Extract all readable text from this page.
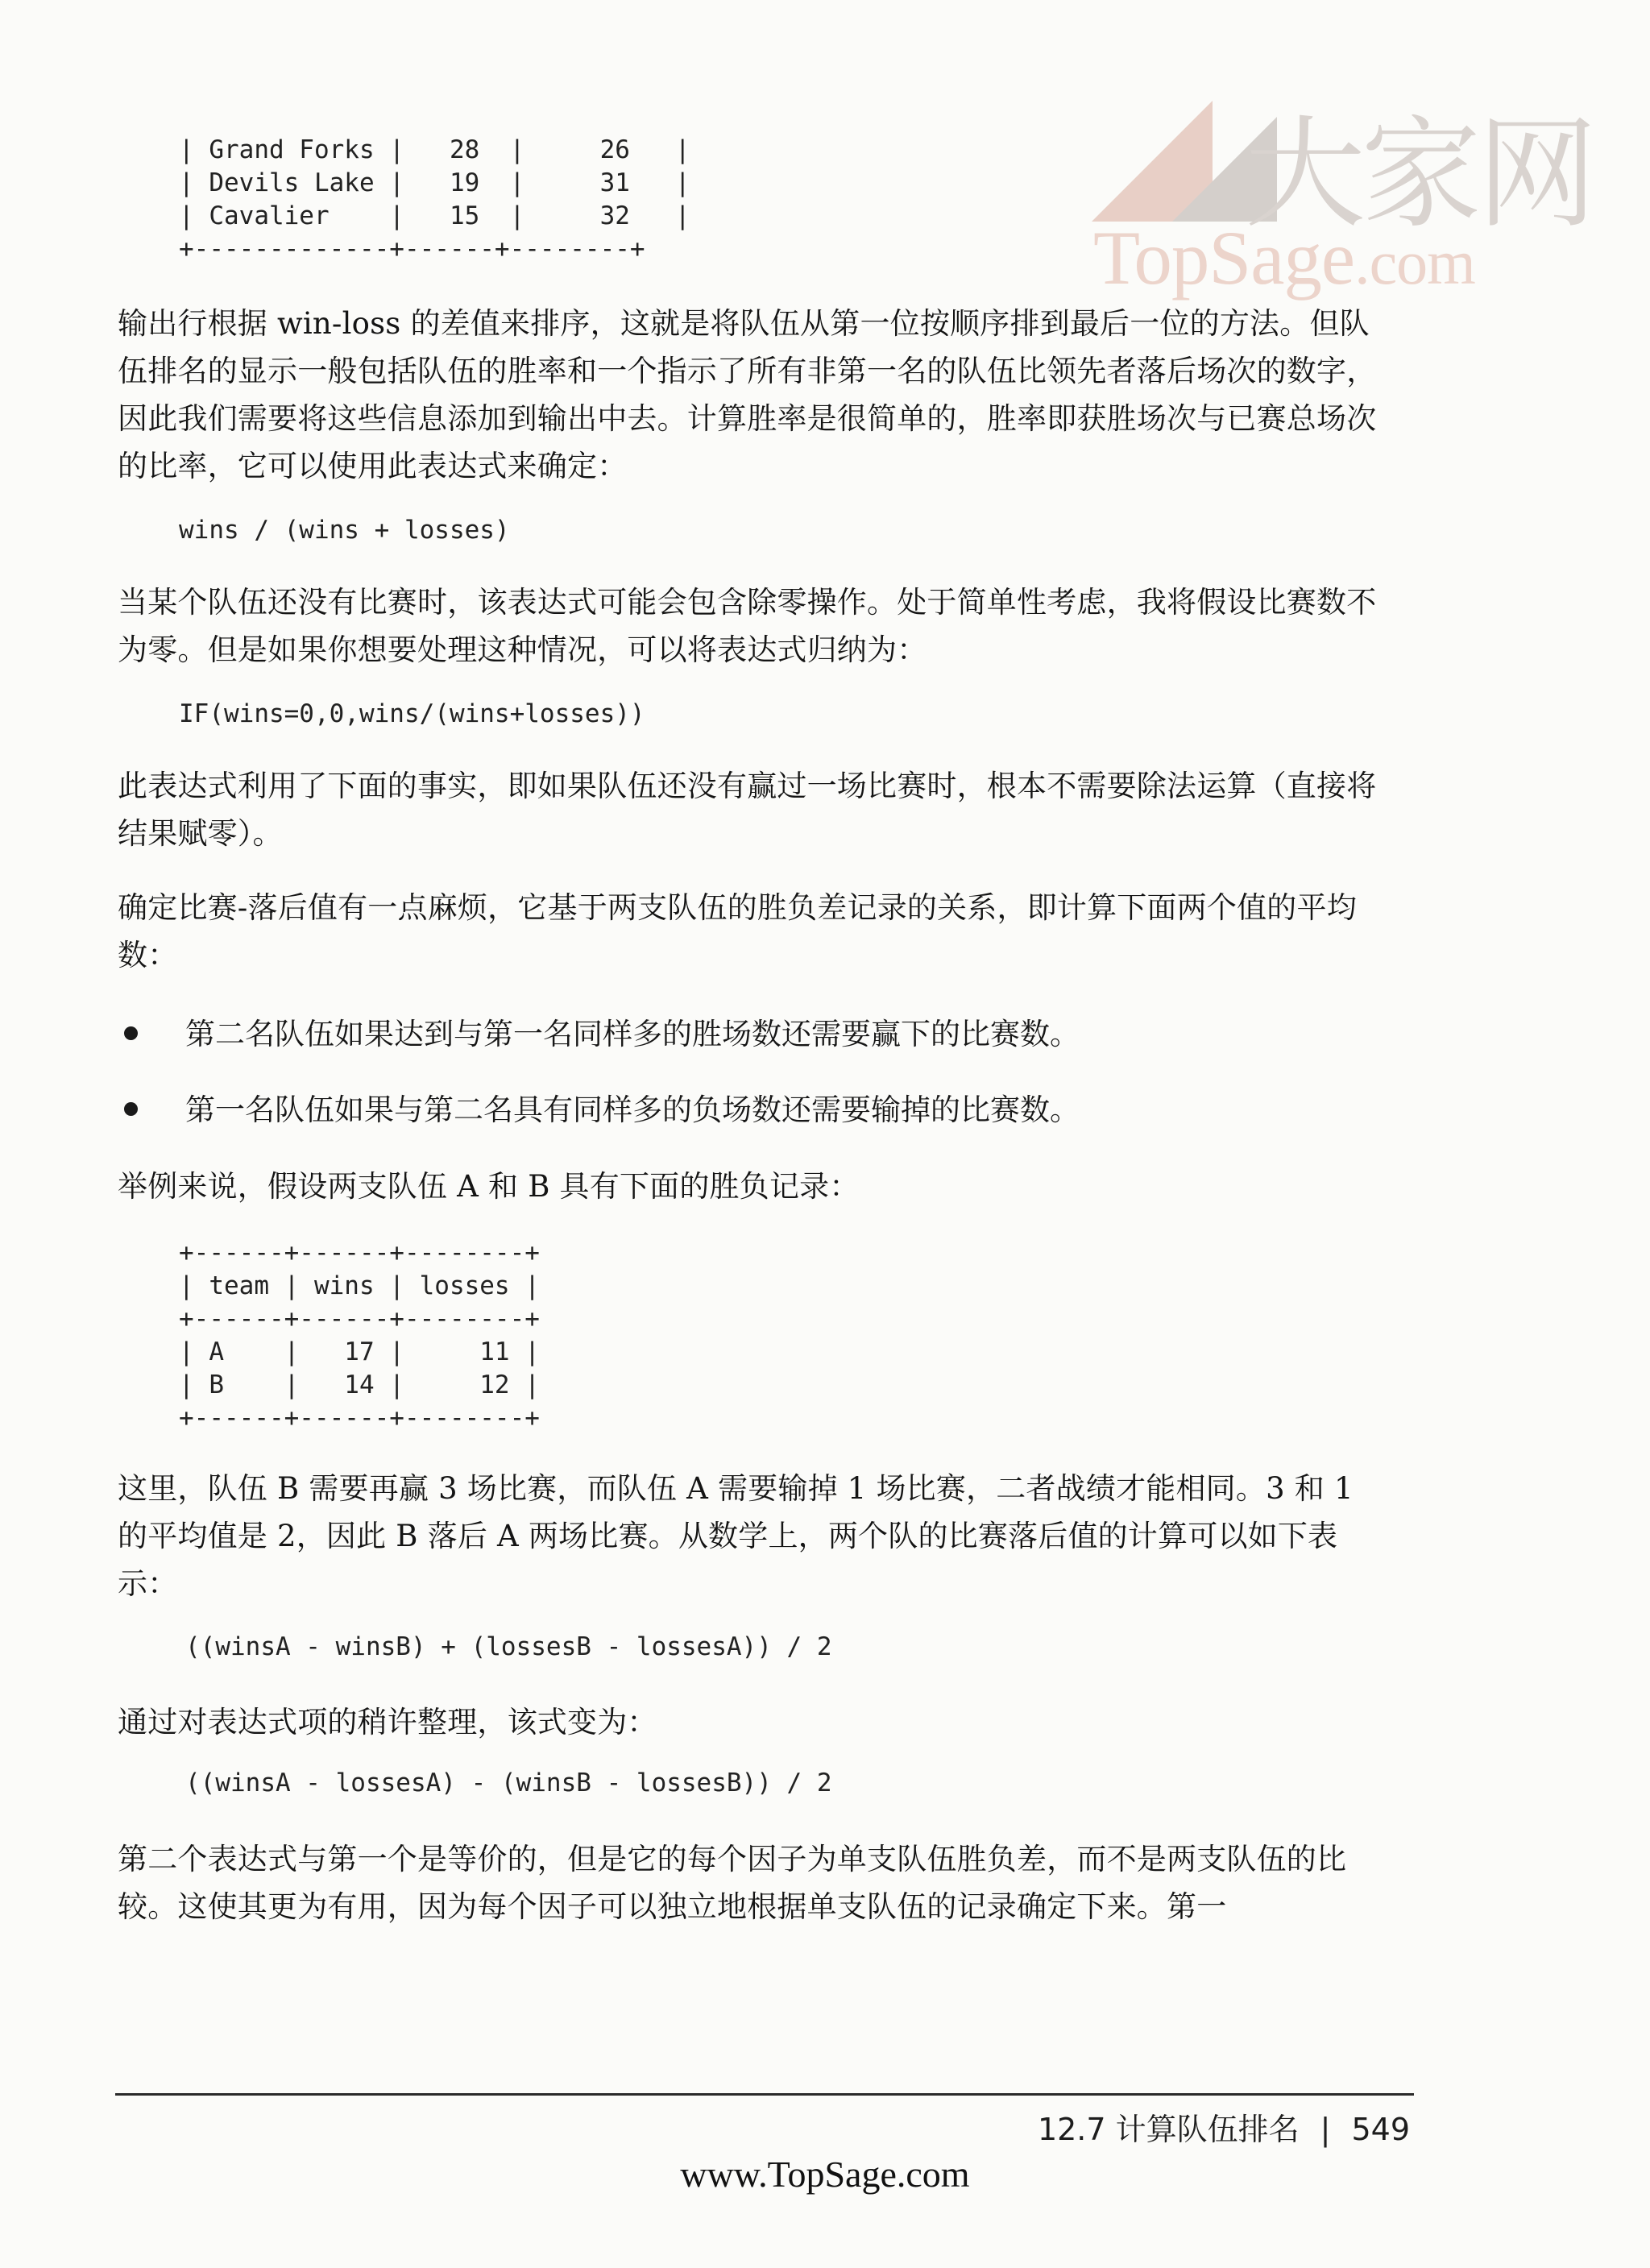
大家网
TopSage.com
| Grand Forks |   28  |     26   |
| Devils Lake |   19  |     31   |
| Cavalier    |   15  |     32   |
+-------------+------+--------+
输出行根据 win-loss 的差值来排序，这就是将队伍从第一位按顺序排到最后一位的方法。但队伍排名的显示一般包括队伍的胜率和一个指示了所有非第一名的队伍比领先者落后场次的数字，因此我们需要将这些信息添加到输出中去。计算胜率是很简单的，胜率即获胜场次与已赛总场次的比率，它可以使用此表达式来确定：
wins / (wins + losses)
当某个队伍还没有比赛时，该表达式可能会包含除零操作。处于简单性考虑，我将假设比赛数不为零。但是如果你想要处理这种情况，可以将表达式归纳为：
IF(wins=0,0,wins/(wins+losses))
此表达式利用了下面的事实，即如果队伍还没有赢过一场比赛时，根本不需要除法运算（直接将结果赋零）。
确定比赛-落后值有一点麻烦，它基于两支队伍的胜负差记录的关系，即计算下面两个值的平均数：
第二名队伍如果达到与第一名同样多的胜场数还需要赢下的比赛数。
第一名队伍如果与第二名具有同样多的负场数还需要输掉的比赛数。
举例来说，假设两支队伍 A 和 B 具有下面的胜负记录：
+------+------+--------+
| team | wins | losses |
+------+------+--------+
| A    |   17 |     11 |
| B    |   14 |     12 |
+------+------+--------+
这里，队伍 B 需要再赢 3 场比赛，而队伍 A 需要输掉 1 场比赛，二者战绩才能相同。3 和 1 的平均值是 2，因此 B 落后 A 两场比赛。从数学上，两个队的比赛落后值的计算可以如下表示：
((winsA - winsB) + (lossesB - lossesA)) / 2
通过对表达式项的稍许整理，该式变为：
((winsA - lossesA) - (winsB - lossesB)) / 2
第二个表达式与第一个是等价的，但是它的每个因子为单支队伍胜负差，而不是两支队伍的比较。这使其更为有用，因为每个因子可以独立地根据单支队伍的记录确定下来。第一
12.7 计算队伍排名 | 549
www.TopSage.com
